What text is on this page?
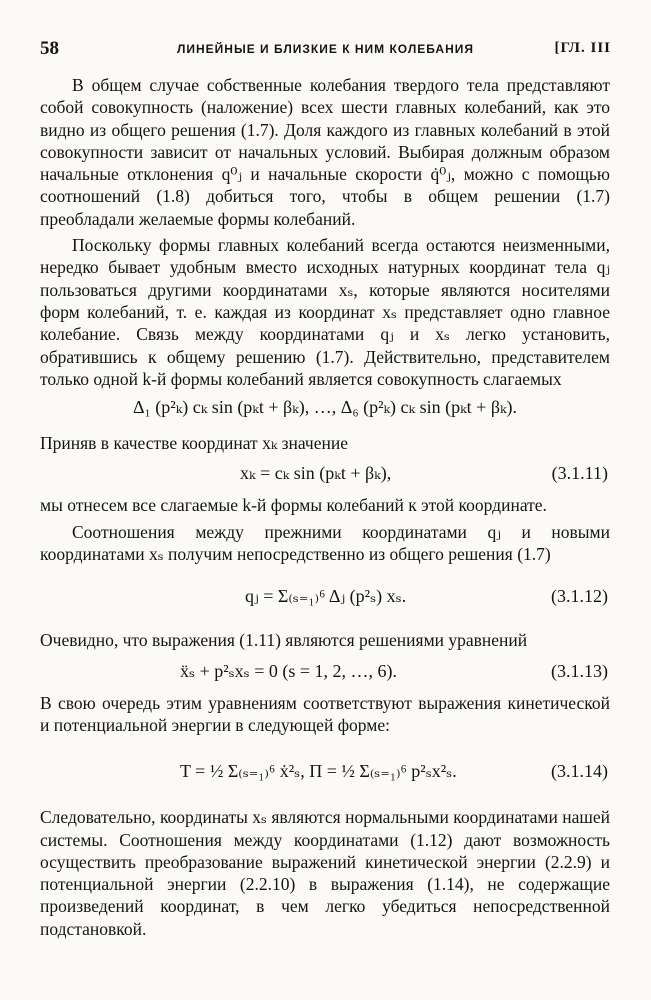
58	ЛИНЕЙНЫЕ И БЛИЗКИЕ К НИМ КОЛЕБАНИЯ	[ГЛ. III

В общем случае собственные колебания твердого тела представляют собой совокупность (наложение) всех шести главных колебаний, как это видно из общего решения (1.7). Доля каждого из главных колебаний в этой совокупности зависит от начальных условий. Выбирая должным образом начальные отклонения q⁰ⱼ и начальные скорости q̇⁰ⱼ, можно с помощью соотношений (1.8) добиться того, чтобы в общем решении (1.7) преобладали желаемые формы колебаний.

Поскольку формы главных колебаний всегда остаются неизменными, нередко бывает удобным вместо исходных натурных координат тела qⱼ пользоваться другими координатами xₛ, которые являются носителями форм колебаний, т. е. каждая из координат xₛ представляет одно главное колебание. Связь между координатами qⱼ и xₛ легко установить, обратившись к общему решению (1.7). Действительно, представителем только одной k-й формы колебаний является совокупность слагаемых

Δ₁ (p²ₖ) cₖ sin (pₖt + βₖ), …, Δ₆ (p²ₖ) cₖ sin (pₖt + βₖ).

Приняв в качестве координат xₖ значение

xₖ = cₖ sin (pₖt + βₖ),	(3.1.11)

мы отнесем все слагаемые k-й формы колебаний к этой координате.

Соотношения между прежними координатами qⱼ и новыми координатами xₛ получим непосредственно из общего решения (1.7)

qⱼ = Σ₍ₛ₌₁₎⁶ Δⱼ (p²ₛ) xₛ.	(3.1.12)

Очевидно, что выражения (1.11) являются решениями уравнений

ẍₛ + p²ₛxₛ = 0 (s = 1, 2, …, 6).	(3.1.13)

В свою очередь этим уравнениям соответствуют выражения кинетической и потенциальной энергии в следующей форме:

T = ½ Σ₍ₛ₌₁₎⁶ ẋ²ₛ, Π = ½ Σ₍ₛ₌₁₎⁶ p²ₛx²ₛ.	(3.1.14)

Следовательно, координаты xₛ являются нормальными координатами нашей системы. Соотношения между координатами (1.12) дают возможность осуществить преобразование выражений кинетической энергии (2.2.9) и потенциальной энергии (2.2.10) в выражения (1.14), не содержащие произведений координат, в чем легко убедиться непосредственной подстановкой.
